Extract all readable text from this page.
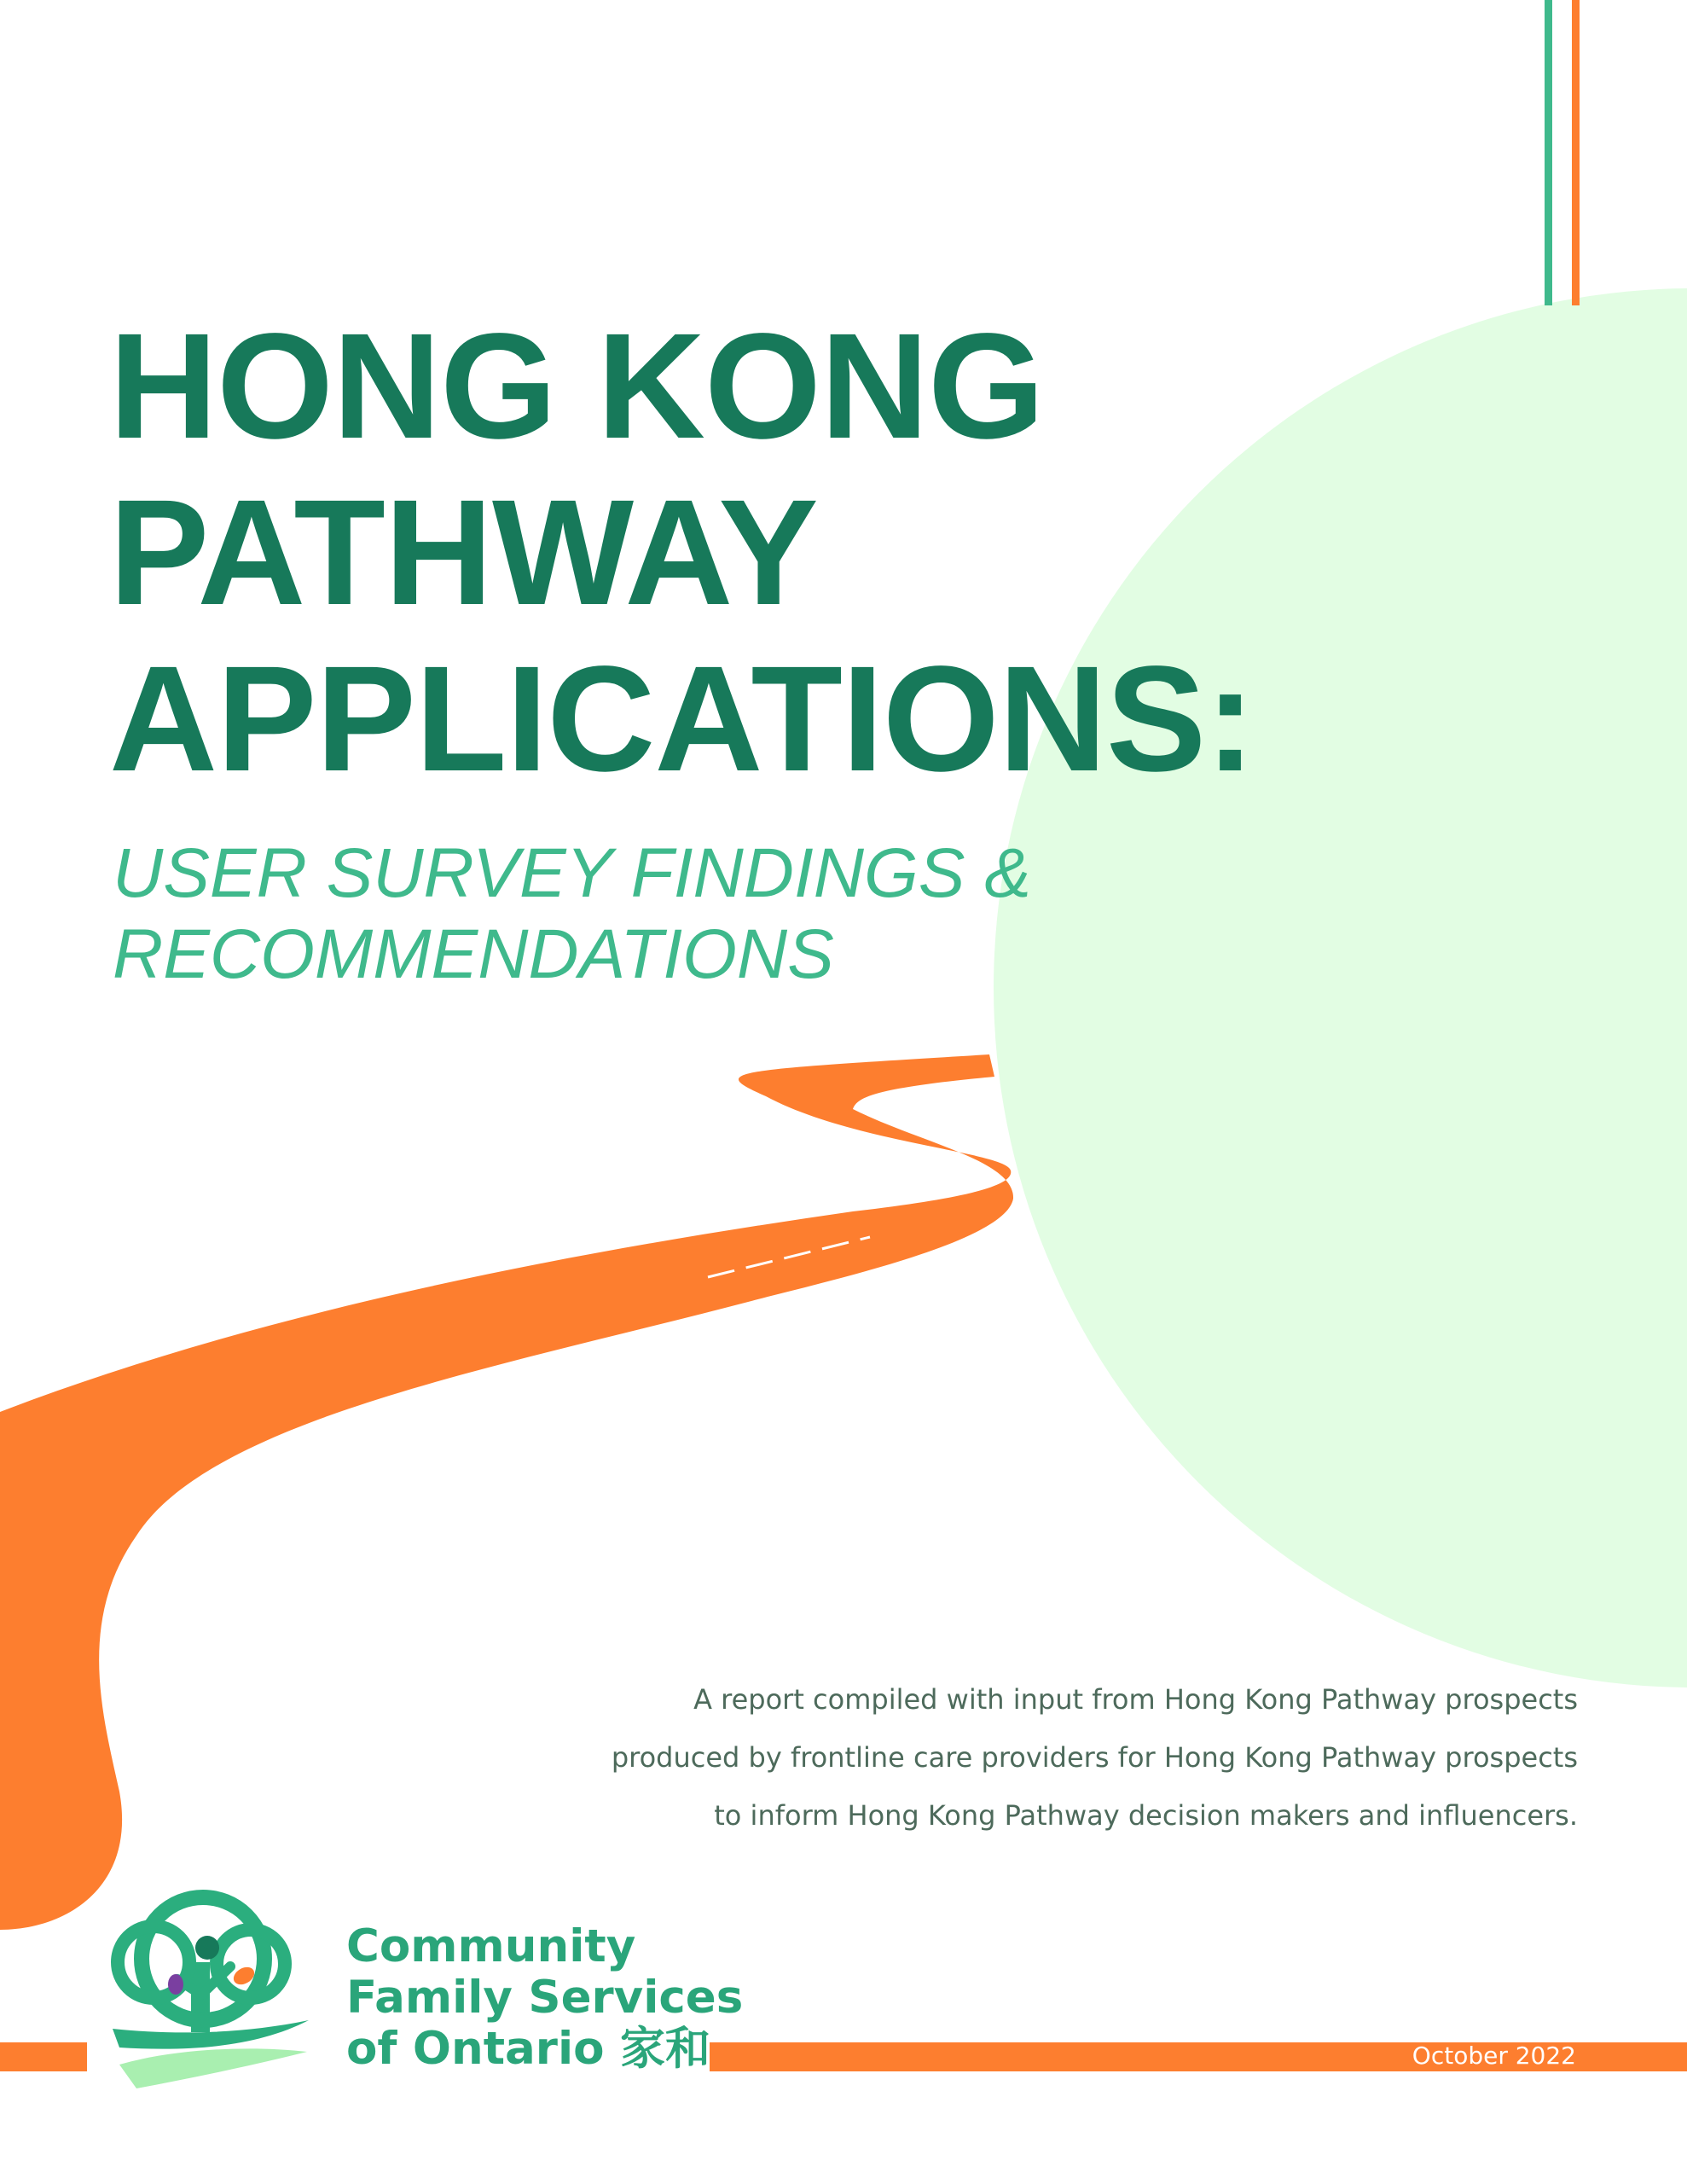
HONG KONG
PATHWAY
APPLICATIONS:
USER SURVEY FINDINGS &
RECOMMENDATIONS
A report compiled with input from Hong Kong Pathway prospects
produced by frontline care providers for Hong Kong Pathway prospects
to inform Hong Kong Pathway decision makers and influencers.
Community
Family Services
of Ontario 家和	October 2022
